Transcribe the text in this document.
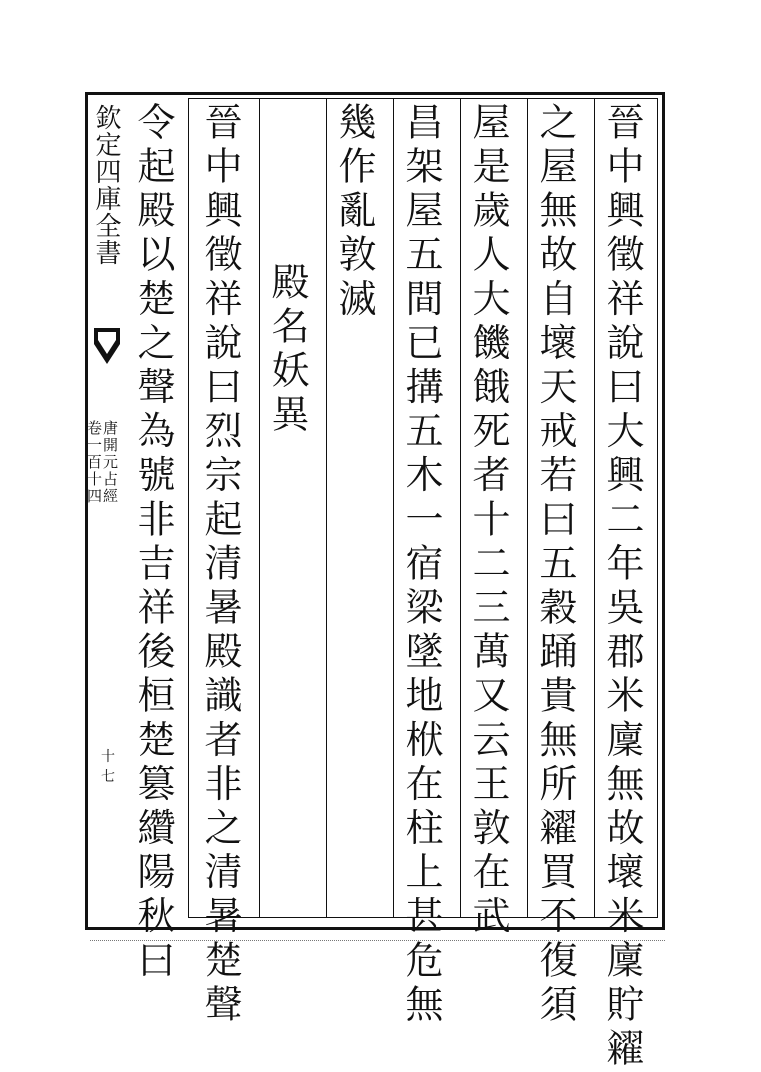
欽定四庫全書
唐開元占經
卷一百十四
十七	晉中興徵祥說曰大興二年吳郡米廩無故壞米廩貯糴
之屋無故自壞天戒若曰五穀踊貴無所糴買不復須
屋是歲人大饑餓死者十二三萬又云王敦在武
昌架屋五間已搆五木一宿梁墜地栿在柱上甚危無
幾作亂敦滅
殿名妖異
晉中興徵祥說曰烈宗起清暑殿識者非之清暑楚聲
令起殿以楚之聲為號非吉祥後桓楚篡纘陽秋曰
